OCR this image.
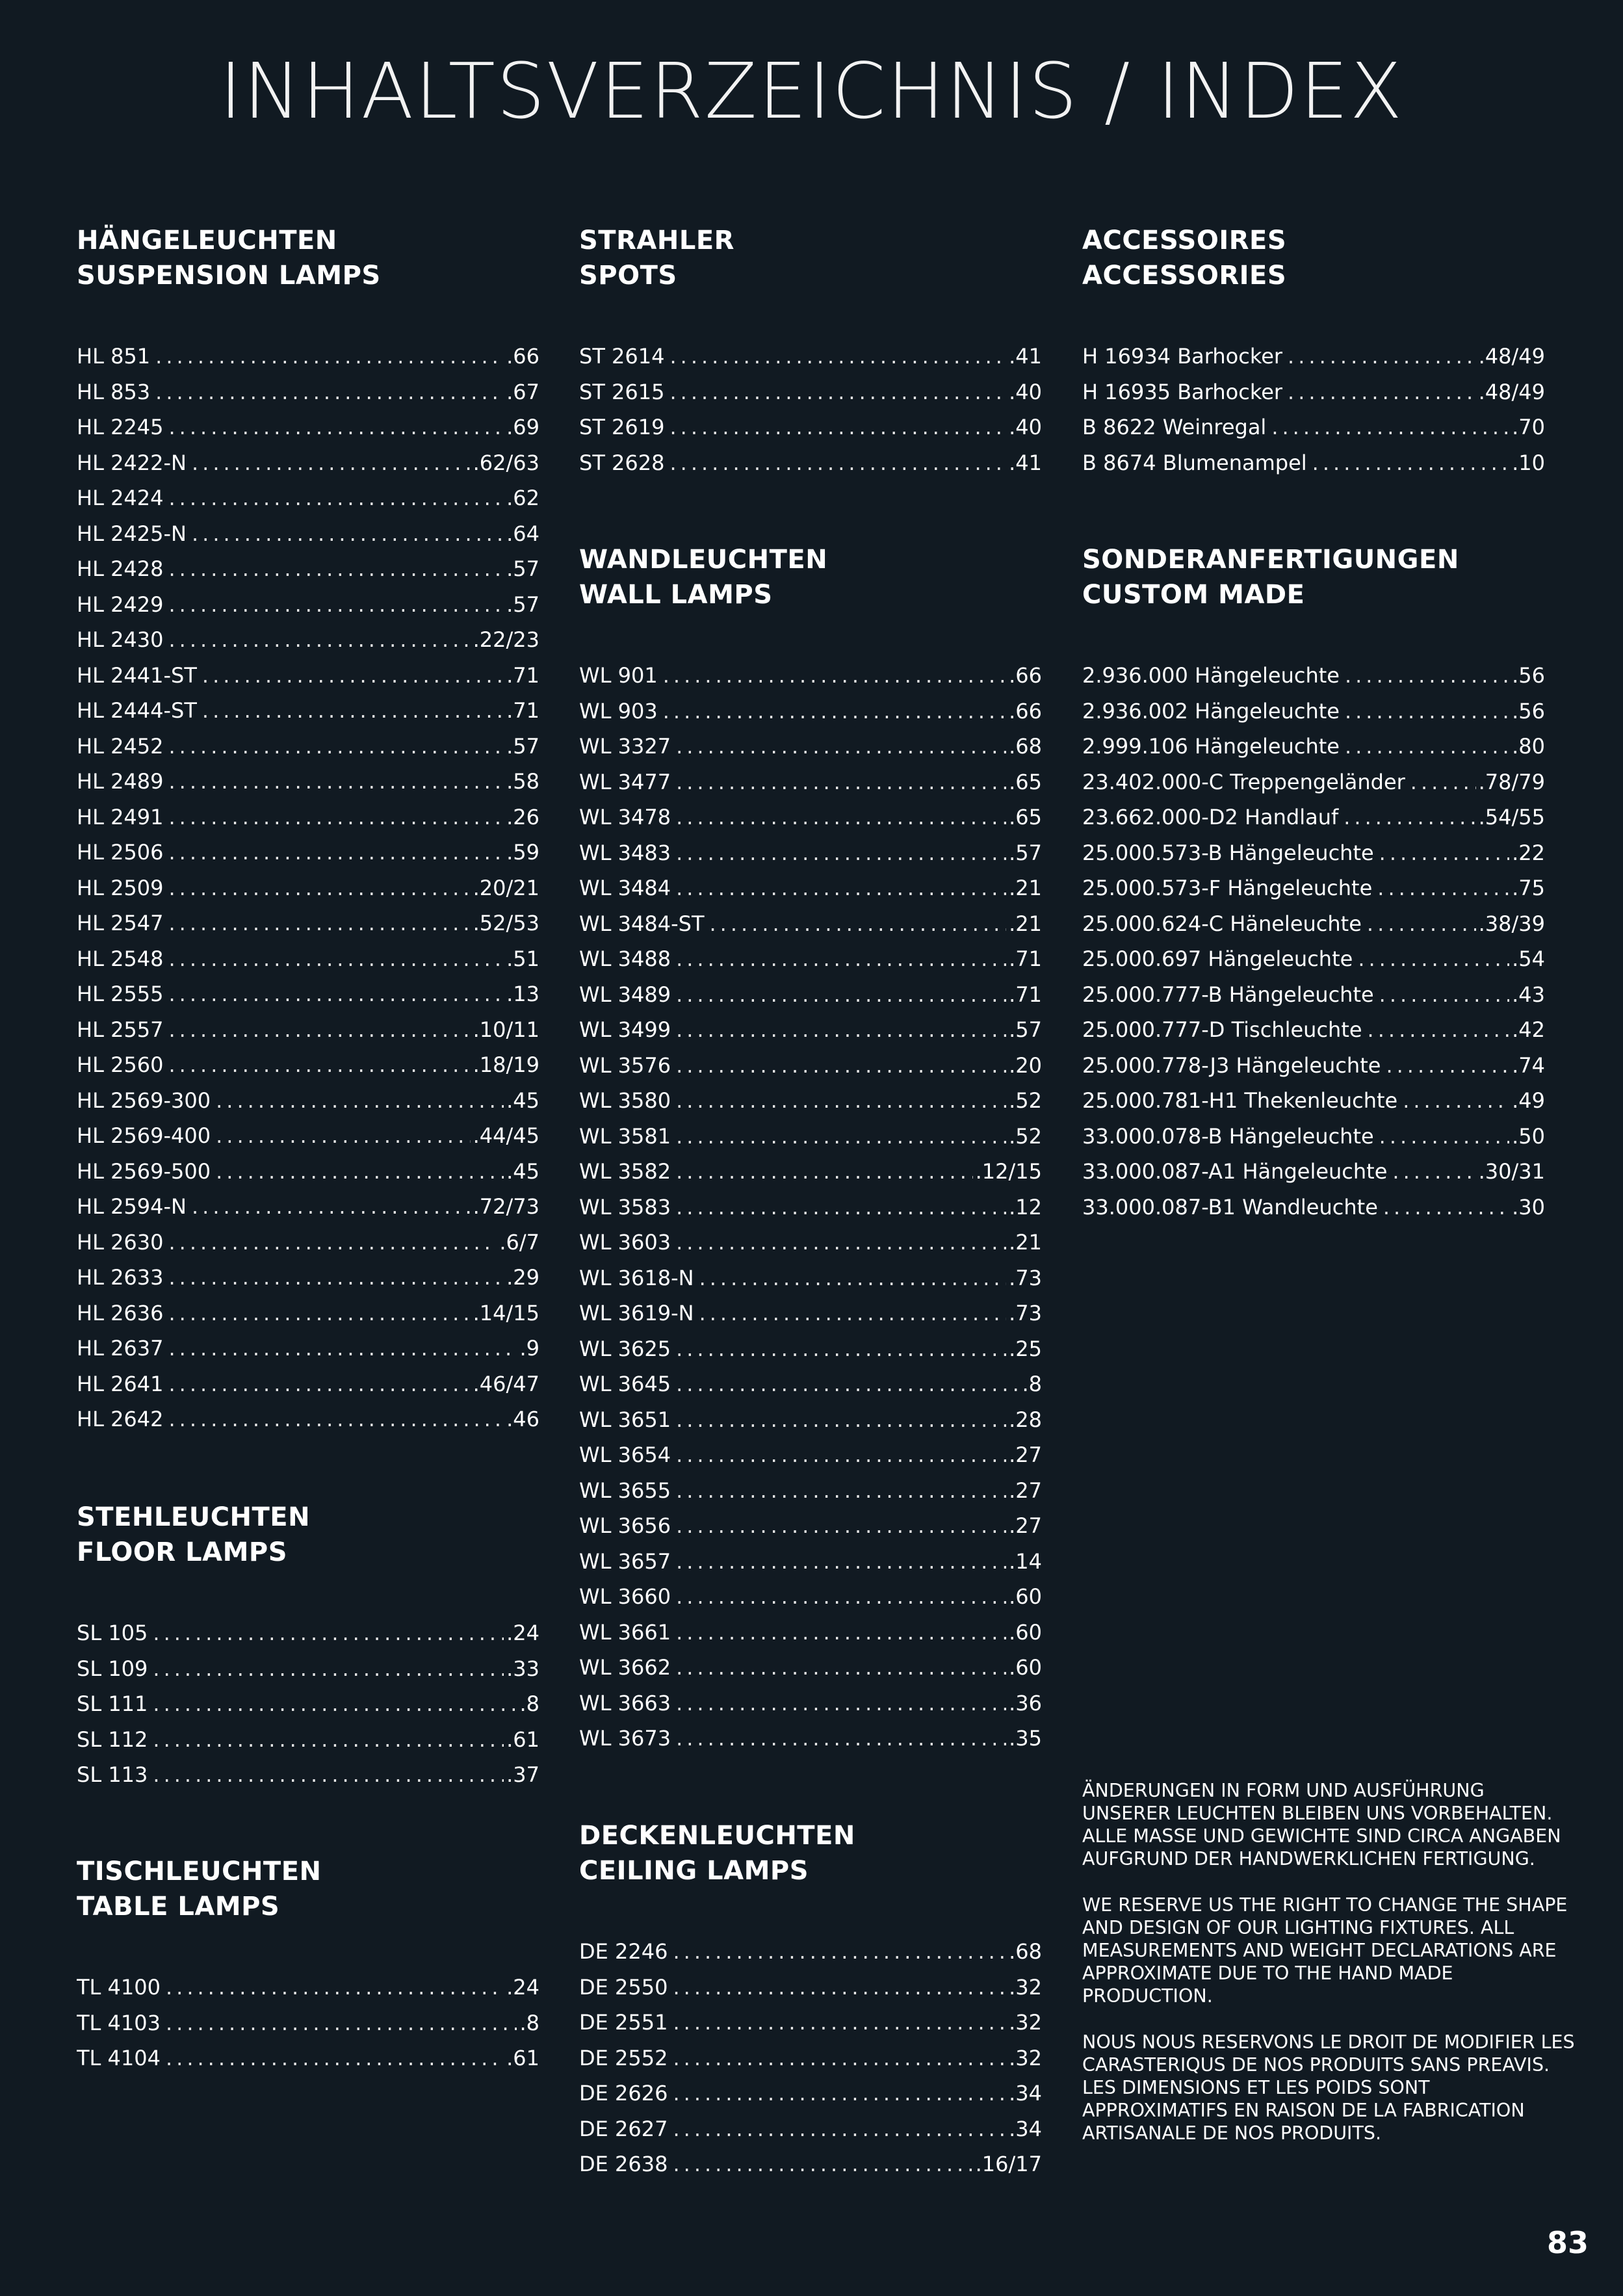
INHALTSVERZEICHNIS / INDEX
HÄNGELEUCHTEN
SUSPENSION LAMPS
HL 851 .....	.66
HL 853 .....	.67
HL 2245 .....	.69
HL 2422-N .....	.62/63
HL 2424 .....	.62
HL 2425-N .....	.64
HL 2428 .....	.57
HL 2429 .....	.57
HL 2430 .....	.22/23
HL 2441-ST .....	.71
HL 2444-ST .....	.71
HL 2452 .....	.57
HL 2489 .....	.58
HL 2491 .....	.26
HL 2506 .....	.59
HL 2509 .....	.20/21
HL 2547 .....	.52/53
HL 2548 .....	.51
HL 2555 .....	.13
HL 2557 .....	.10/11
HL 2560 .....	.18/19
HL 2569-300 .....	.45
HL 2569-400 .....	.44/45
HL 2569-500 .....	.45
HL 2594-N .....	.72/73
HL 2630 .....	.6/7
HL 2633 .....	.29
HL 2636 .....	.14/15
HL 2637 .....	.9
HL 2641 .....	.46/47
HL 2642 .....	.46
STEHLEUCHTEN
FLOOR LAMPS
SL 105 .....	.24
SL 109 .....	.33
SL 111 .....	.8
SL 112 .....	.61
SL 113 .....	.37
TISCHLEUCHTEN
TABLE LAMPS
TL 4100 .....	.24
TL 4103 .....	.8
TL 4104 .....	.61
STRAHLER
SPOTS
ST 2614 .....	.41
ST 2615 .....	.40
ST 2619 .....	.40
ST 2628 .....	.41
WANDLEUCHTEN
WALL LAMPS
WL 901 .....	.66
WL 903 .....	.66
WL 3327 .....	.68
WL 3477 .....	.65
WL 3478 .....	.65
WL 3483 .....	.57
WL 3484 .....	.21
WL 3484-ST .....	.21
WL 3488 .....	.71
WL 3489 .....	.71
WL 3499 .....	.57
WL 3576 .....	.20
WL 3580 .....	.52
WL 3581 .....	.52
WL 3582 .....	.12/15
WL 3583 .....	.12
WL 3603 .....	.21
WL 3618-N .....	.73
WL 3619-N .....	.73
WL 3625 .....	.25
WL 3645 .....	.8
WL 3651 .....	.28
WL 3654 .....	.27
WL 3655 .....	.27
WL 3656 .....	.27
WL 3657 .....	.14
WL 3660 .....	.60
WL 3661 .....	.60
WL 3662 .....	.60
WL 3663 .....	.36
WL 3673 .....	.35
DECKENLEUCHTEN
CEILING LAMPS
DE 2246 .....	.68
DE 2550 .....	.32
DE 2551 .....	.32
DE 2552 .....	.32
DE 2626 .....	.34
DE 2627 .....	.34
DE 2638 .....	.16/17
ACCESSOIRES
ACCESSORIES
H 16934 Barhocker .....	.48/49
H 16935 Barhocker .....	.48/49
B 8622 Weinregal .....	.70
B 8674 Blumenampel .....	.10
SONDERANFERTIGUNGEN
CUSTOM MADE
2.936.000 Hängeleuchte .....	.56
2.936.002 Hängeleuchte .....	.56
2.999.106 Hängeleuchte .....	.80
23.402.000-C Treppengeländer .....	.78/79
23.662.000-D2 Handlauf .....	.54/55
25.000.573-B Hängeleuchte .....	.22
25.000.573-F Hängeleuchte .....	.75
25.000.624-C Häneleuchte .....	.38/39
25.000.697 Hängeleuchte .....	.54
25.000.777-B Hängeleuchte .....	.43
25.000.777-D Tischleuchte .....	.42
25.000.778-J3 Hängeleuchte .....	.74
25.000.781-H1 Thekenleuchte .....	.49
33.000.078-B Hängeleuchte .....	.50
33.000.087-A1 Hängeleuchte .....	.30/31
33.000.087-B1 Wandleuchte .....	.30

ÄNDERUNGEN IN FORM UND AUSFÜHRUNG UNSERER LEUCHTEN BLEIBEN UNS VORBEHALTEN. ALLE MASSE UND GEWICHTE SIND CIRCA ANGABEN AUFGRUND DER HANDWERKLICHEN FERTIGUNG.

WE RESERVE US THE RIGHT TO CHANGE THE SHAPE AND DESIGN OF OUR LIGHTING FIXTURES. ALL MEASUREMENTS AND WEIGHT DECLARATIONS ARE APPROXIMATE DUE TO THE HAND MADE PRODUCTION.

NOUS NOUS RESERVONS LE DROIT DE MODIFIER LES CARASTERIQUS DE NOS PRODUITS SANS PREAVIS. LES DIMENSIONS ET LES POIDS SONT APPROXIMATIFS EN RAISON DE LA FABRICATION ARTISANALE DE NOS PRODUITS.

83
